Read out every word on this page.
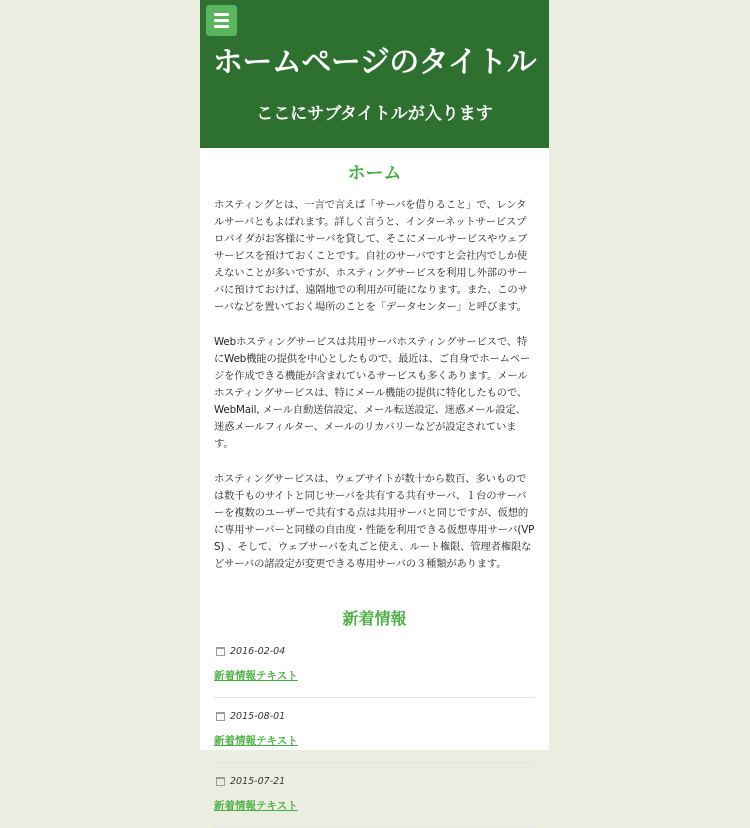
ホームページのタイトル
ここにサブタイトルが入ります
ホーム

ホスティングとは、一言で言えば「サーバを借りること」で、レンタルサーバともよばれます。詳しく言うと、インターネットサービスプロバイダがお客様にサーバを貸して、そこにメールサービスやウェブサービスを預けておくことです。自社のサーバですと会社内でしか使えないことが多いですが、ホスティングサービスを利用し外部のサーバに預けておけば、遠隔地での利用が可能になります。また、このサーバなどを置いておく場所のことを「データセンター」と呼びます。

Webホスティングサービスは共用サーバホスティングサービスで、特にWeb機能の提供を中心としたもので、最近は、ご自身でホームページを作成できる機能が含まれているサービスも多くあります。メールホスティングサービスは、特にメール機能の提供に特化したもので、WebMail, メール自動送信設定、メール転送設定、迷惑メール設定、迷惑メールフィルター、メールのリカバリーなどが設定されています。

ホスティングサービスは、ウェブサイトが数十から数百、多いものでは数千ものサイトと同じサーバを共有する共有サーバ、１台のサーバーを複数のユーザーで共有する点は共用サーバと同じですが、仮想的に専用サーバーと同様の自由度・性能を利用できる仮想専用サーバ(VPS) 、そして、ウェブサーバを丸ごと使え、ルート権限、管理者権限などサーバの諸設定が変更できる専用サーバの３種類があります。

新着情報
2016-02-04
新着情報テキスト
2015-08-01
新着情報テキスト
2015-07-21
新着情報テキスト
